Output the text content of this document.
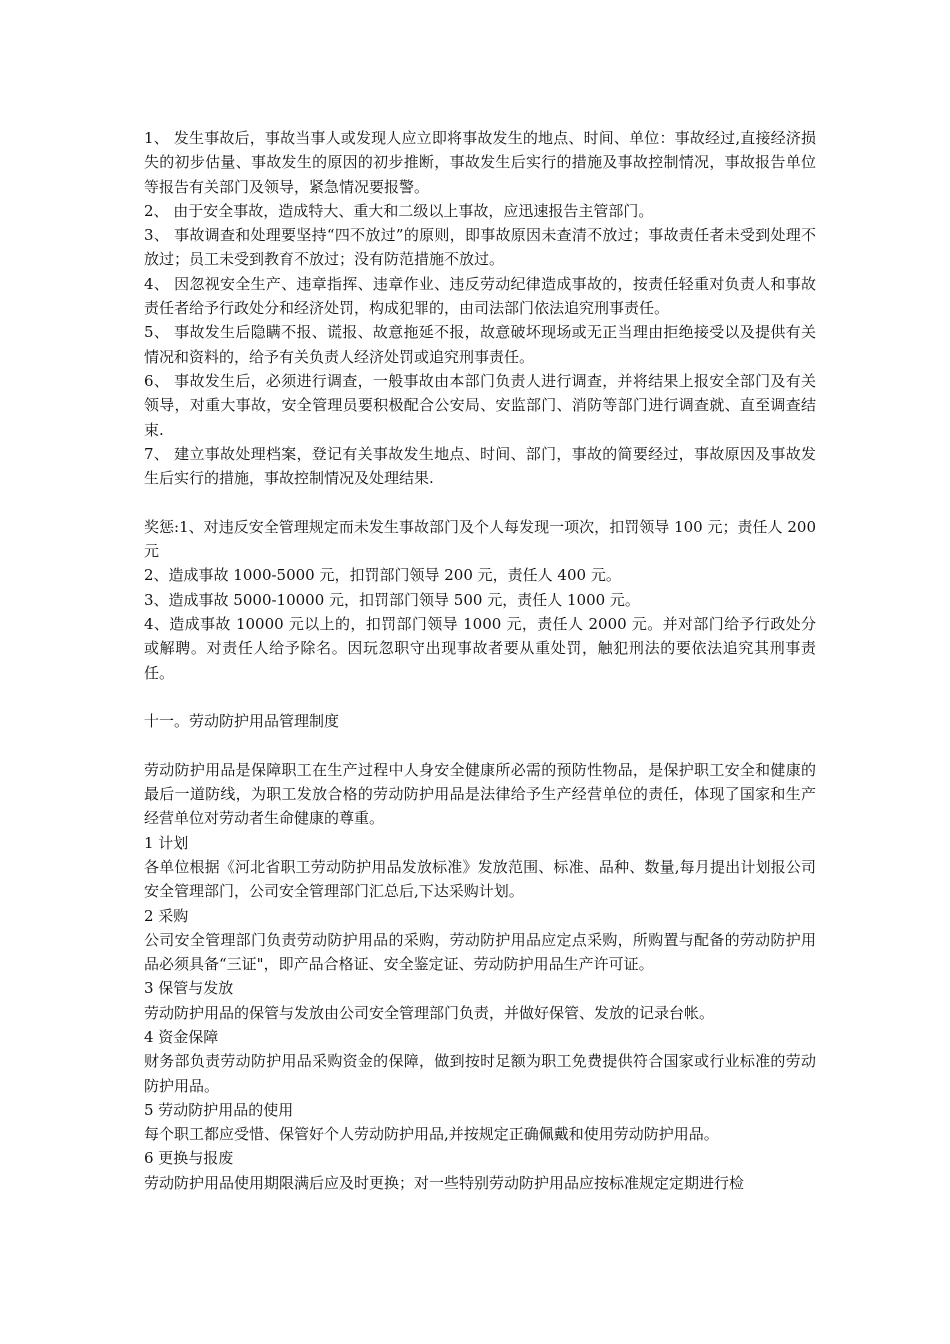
1、 发生事故后，事故当事人或发现人应立即将事故发生的地点、时间、单位：事故经过,直接经济损失的初步估量、事故发生的原因的初步推断，事故发生后实行的措施及事故控制情况，事故报告单位等报告有关部门及领导，紧急情况要报警。

2、 由于安全事故，造成特大、重大和二级以上事故，应迅速报告主管部门。

3、 事故调查和处理要坚持“四不放过”的原则，即事故原因未查清不放过；事故责任者未受到处理不放过；员工未受到教育不放过；没有防范措施不放过。

4、 因忽视安全生产、违章指挥、违章作业、违反劳动纪律造成事故的，按责任轻重对负责人和事故责任者给予行政处分和经济处罚，构成犯罪的，由司法部门依法追究刑事责任。

5、 事故发生后隐瞒不报、谎报、故意拖延不报，故意破坏现场或无正当理由拒绝接受以及提供有关情况和资料的，给予有关负责人经济处罚或追究刑事责任。

6、 事故发生后，必须进行调查，一般事故由本部门负责人进行调查，并将结果上报安全部门及有关领导，对重大事故，安全管理员要积极配合公安局、安监部门、消防等部门进行调查就、直至调查结束.

7、 建立事故处理档案，登记有关事故发生地点、时间、部门，事故的简要经过，事故原因及事故发生后实行的措施，事故控制情况及处理结果.

奖惩:1、对违反安全管理规定而未发生事故部门及个人每发现一项次，扣罚领导 100 元；责任人 200 元

2、造成事故 1000-5000 元，扣罚部门领导 200 元，责任人 400 元。

3、造成事故 5000-10000 元，扣罚部门领导 500 元，责任人 1000 元。

4、造成事故 10000 元以上的，扣罚部门领导 1000 元，责任人 2000 元。并对部门给予行政处分或解聘。对责任人给予除名。因玩忽职守出现事故者要从重处罚，触犯刑法的要依法追究其刑事责任。

十一。劳动防护用品管理制度

劳动防护用品是保障职工在生产过程中人身安全健康所必需的预防性物品，是保护职工安全和健康的最后一道防线，为职工发放合格的劳动防护用品是法律给予生产经营单位的责任，体现了国家和生产经营单位对劳动者生命健康的尊重。

1 计划

各单位根据《河北省职工劳动防护用品发放标准》发放范围、标准、品种、数量,每月提出计划报公司安全管理部门，公司安全管理部门汇总后,下达采购计划。

2 采购

公司安全管理部门负责劳动防护用品的采购，劳动防护用品应定点采购，所购置与配备的劳动防护用品必须具备“三证"，即产品合格证、安全鉴定证、劳动防护用品生产许可证。

3 保管与发放

劳动防护用品的保管与发放由公司安全管理部门负责，并做好保管、发放的记录台帐。

4 资金保障

财务部负责劳动防护用品采购资金的保障，做到按时足额为职工免费提供符合国家或行业标准的劳动防护用品。

5 劳动防护用品的使用

每个职工都应受惜、保管好个人劳动防护用品,并按规定正确佩戴和使用劳动防护用品。

6 更换与报废

劳动防护用品使用期限满后应及时更换；对一些特别劳动防护用品应按标准规定定期进行检
